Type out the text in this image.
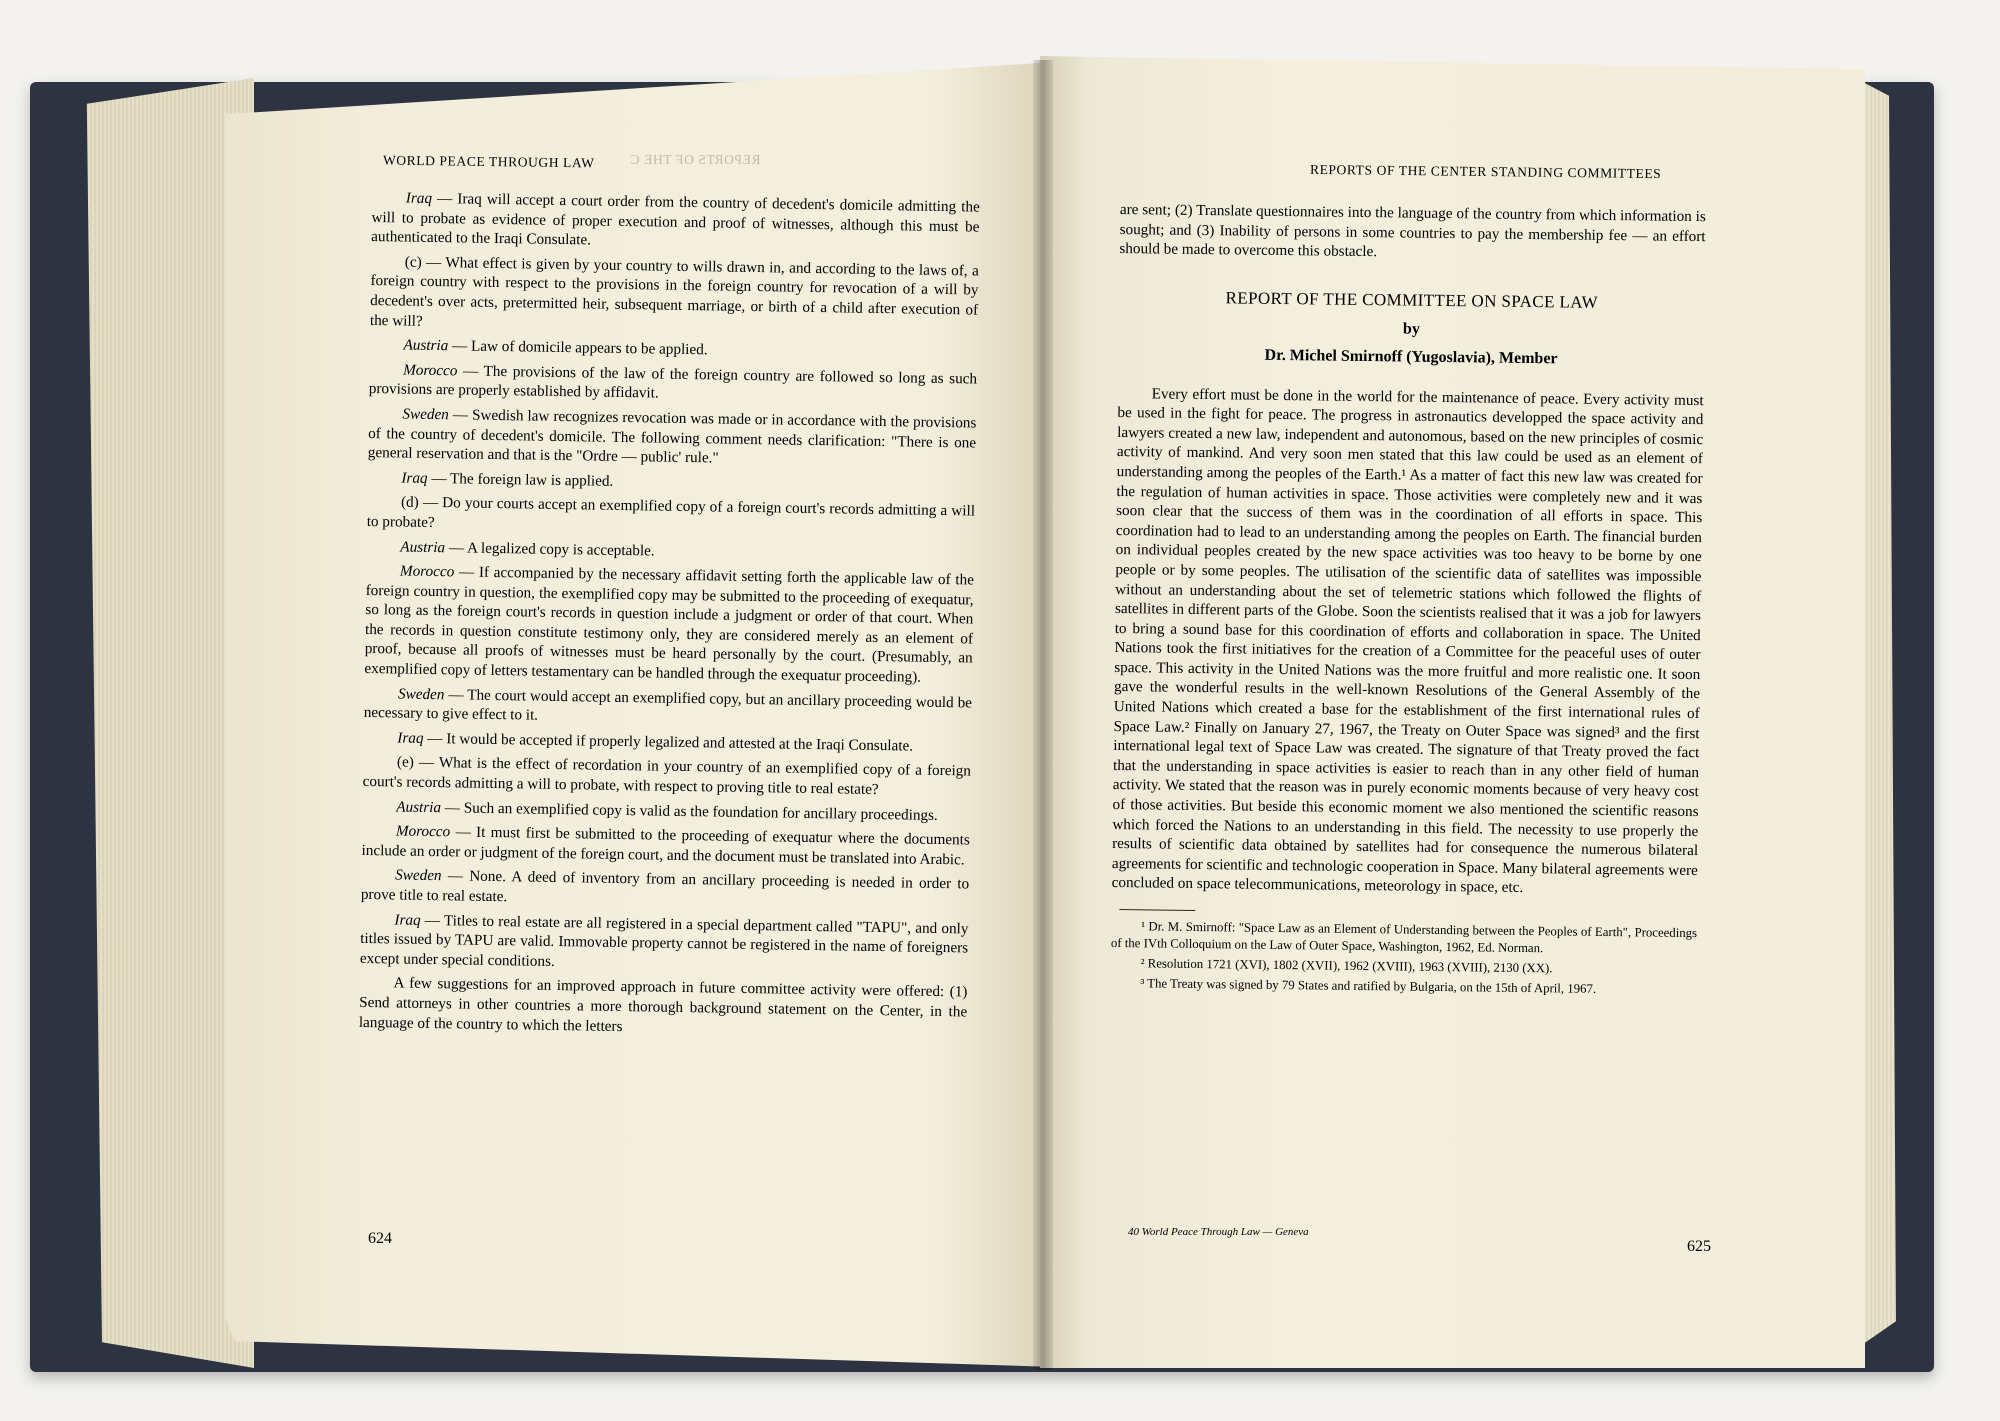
WORLD PEACE THROUGH LAW	REPORTS OF THE C

Iraq — Iraq will accept a court order from the country of decedent's domicile admitting the will to probate as evidence of proper execution and proof of witnesses, although this must be authenticated to the Iraqi Consulate.

(c) — What effect is given by your country to wills drawn in, and according to the laws of, a foreign country with respect to the provisions in the foreign country for revocation of a will by decedent's over acts, pretermitted heir, subsequent marriage, or birth of a child after execution of the will?

Austria — Law of domicile appears to be applied.

Morocco — The provisions of the law of the foreign country are followed so long as such provisions are properly established by affidavit.

Sweden — Swedish law recognizes revocation was made or in accordance with the provisions of the country of decedent's domicile. The following comment needs clarification: "There is one general reservation and that is the "Ordre — public' rule."

Iraq — The foreign law is applied.

(d) — Do your courts accept an exemplified copy of a foreign court's records admitting a will to probate?

Austria — A legalized copy is acceptable.

Morocco — If accompanied by the necessary affidavit setting forth the applicable law of the foreign country in question, the exemplified copy may be submitted to the proceeding of exequatur, so long as the foreign court's records in question include a judgment or order of that court. When the records in question constitute testimony only, they are considered merely as an element of proof, because all proofs of witnesses must be heard personally by the court. (Presumably, an exemplified copy of letters testamentary can be handled through the exequatur proceeding).

Sweden — The court would accept an exemplified copy, but an ancillary proceeding would be necessary to give effect to it.

Iraq — It would be accepted if properly legalized and attested at the Iraqi Consulate.

(e) — What is the effect of recordation in your country of an exemplified copy of a foreign court's records admitting a will to probate, with respect to proving title to real estate?

Austria — Such an exemplified copy is valid as the foundation for ancillary proceedings.

Morocco — It must first be submitted to the proceeding of exequatur where the documents include an order or judgment of the foreign court, and the document must be translated into Arabic.

Sweden — None. A deed of inventory from an ancillary proceeding is needed in order to prove title to real estate.

Iraq — Titles to real estate are all registered in a special department called "TAPU", and only titles issued by TAPU are valid. Immovable property cannot be registered in the name of foreigners except under special conditions.

A few suggestions for an improved approach in future committee activity were offered: (1) Send attorneys in other countries a more thorough background statement on the Center, in the language of the country to which the letters

624
REPORTS OF THE CENTER STANDING COMMITTEES

are sent; (2) Translate questionnaires into the language of the country from which information is sought; and (3) Inability of persons in some countries to pay the membership fee — an effort should be made to overcome this obstacle.

REPORT OF THE COMMITTEE ON SPACE LAW
by
Dr. Michel Smirnoff (Yugoslavia), Member

Every effort must be done in the world for the maintenance of peace. Every activity must be used in the fight for peace. The progress in astronautics developped the space activity and lawyers created a new law, independent and autonomous, based on the new principles of cosmic activity of mankind. And very soon men stated that this law could be used as an element of understanding among the peoples of the Earth.¹ As a matter of fact this new law was created for the regulation of human activities in space. Those activities were completely new and it was soon clear that the success of them was in the coordination of all efforts in space. This coordination had to lead to an understanding among the peoples on Earth. The financial burden on individual peoples created by the new space activities was too heavy to be borne by one people or by some peoples. The utilisation of the scientific data of satellites was impossible without an understanding about the set of telemetric stations which followed the flights of satellites in different parts of the Globe. Soon the scientists realised that it was a job for lawyers to bring a sound base for this coordination of efforts and collaboration in space. The United Nations took the first initiatives for the creation of a Committee for the peaceful uses of outer space. This activity in the United Nations was the more fruitful and more realistic one. It soon gave the wonderful results in the well-known Resolutions of the General Assembly of the United Nations which created a base for the establishment of the first international rules of Space Law.² Finally on January 27, 1967, the Treaty on Outer Space was signed³ and the first international legal text of Space Law was created. The signature of that Treaty proved the fact that the understanding in space activities is easier to reach than in any other field of human activity. We stated that the reason was in purely economic moments because of very heavy cost of those activities. But beside this economic moment we also mentioned the scientific reasons which forced the Nations to an understanding in this field. The necessity to use properly the results of scientific data obtained by satellites had for consequence the numerous bilateral agreements for scientific and technologic cooperation in Space. Many bilateral agreements were concluded on space telecommunications, meteorology in space, etc.

¹ Dr. M. Smirnoff: "Space Law as an Element of Understanding between the Peoples of Earth", Proceedings of the IVth Colloquium on the Law of Outer Space, Washington, 1962, Ed. Norman.

² Resolution 1721 (XVI), 1802 (XVII), 1962 (XVIII), 1963 (XVIII), 2130 (XX).

³ The Treaty was signed by 79 States and ratified by Bulgaria, on the 15th of April, 1967.

40 World Peace Through Law — Geneva
625
